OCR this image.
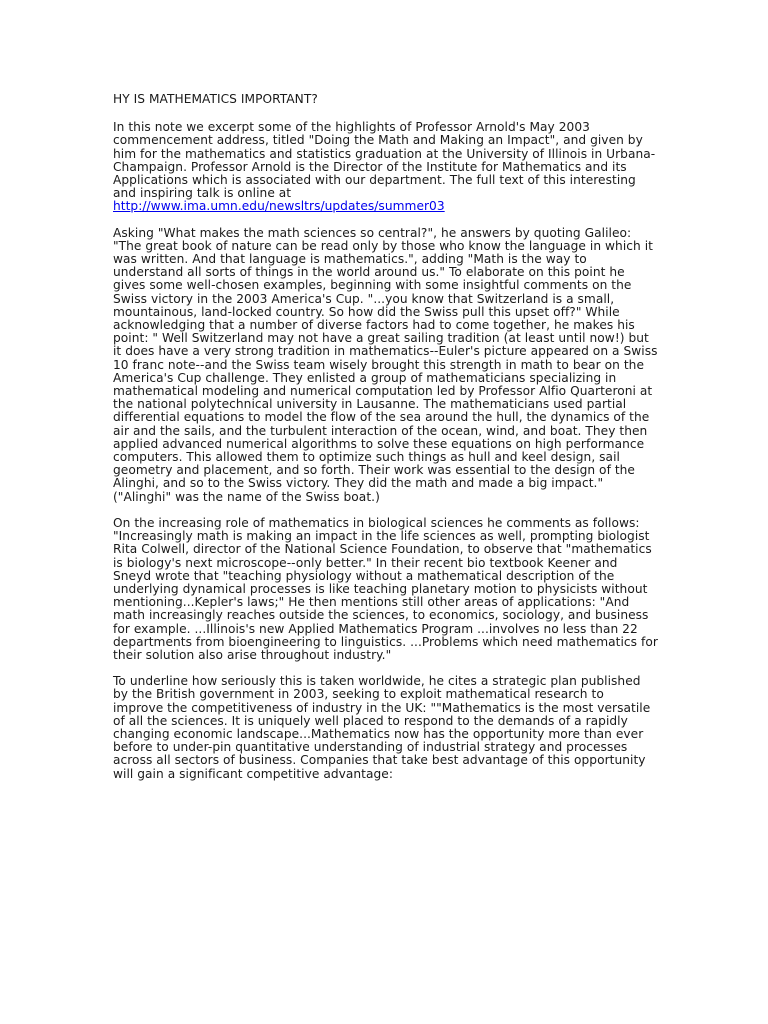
HY IS MATHEMATICS IMPORTANT?
In this note we excerpt some of the highlights of Professor Arnold's May 2003 commencement address, titled "Doing the Math and Making an Impact", and given by him for the mathematics and statistics graduation at the University of Illinois in Urbana-Champaign. Professor Arnold is the Director of the Institute for Mathematics and its Applications which is associated with our department. The full text of this interesting and inspiring talk is online at
http://www.ima.umn.edu/newsltrs/updates/summer03
Asking "What makes the math sciences so central?", he answers by quoting Galileo: "The great book of nature can be read only by those who know the language in which it was written. And that language is mathematics.", adding "Math is the way to understand all sorts of things in the world around us." To elaborate on this point he gives some well-chosen examples, beginning with some insightful comments on the Swiss victory in the 2003 America's Cup. "...you know that Switzerland is a small, mountainous, land-locked country. So how did the Swiss pull this upset off?" While acknowledging that a number of diverse factors had to come together, he makes his point: " Well Switzerland may not have a great sailing tradition (at least until now!) but it does have a very strong tradition in mathematics--Euler's picture appeared on a Swiss 10 franc note--and the Swiss team wisely brought this strength in math to bear on the America's Cup challenge. They enlisted a group of mathematicians specializing in mathematical modeling and numerical computation led by Professor Alfio Quarteroni at the national polytechnical university in Lausanne. The mathematicians used partial differential equations to model the flow of the sea around the hull, the dynamics of the air and the sails, and the turbulent interaction of the ocean, wind, and boat. They then applied advanced numerical algorithms to solve these equations on high performance computers. This allowed them to optimize such things as hull and keel design, sail geometry and placement, and so forth. Their work was essential to the design of the Alinghi, and so to the Swiss victory. They did the math and made a big impact." ("Alinghi" was the name of the Swiss boat.)
On the increasing role of mathematics in biological sciences he comments as follows: "Increasingly math is making an impact in the life sciences as well, prompting biologist Rita Colwell, director of the National Science Foundation, to observe that "mathematics is biology's next microscope--only better." In their recent bio textbook Keener and Sneyd wrote that "teaching physiology without a mathematical description of the underlying dynamical processes is like teaching planetary motion to physicists without mentioning...Kepler's laws;" He then mentions still other areas of applications: "And math increasingly reaches outside the sciences, to economics, sociology, and business for example. ...Illinois's new Applied Mathematics Program ...involves no less than 22 departments from bioengineering to linguistics. ...Problems which need mathematics for their solution also arise throughout industry."
To underline how seriously this is taken worldwide, he cites a strategic plan published by the British government in 2003, seeking to exploit mathematical research to improve the competitiveness of industry in the UK: ""Mathematics is the most versatile of all the sciences. It is uniquely well placed to respond to the demands of a rapidly changing economic landscape...Mathematics now has the opportunity more than ever before to under-pin quantitative understanding of industrial strategy and processes across all sectors of business. Companies that take best advantage of this opportunity will gain a significant competitive advantage:
